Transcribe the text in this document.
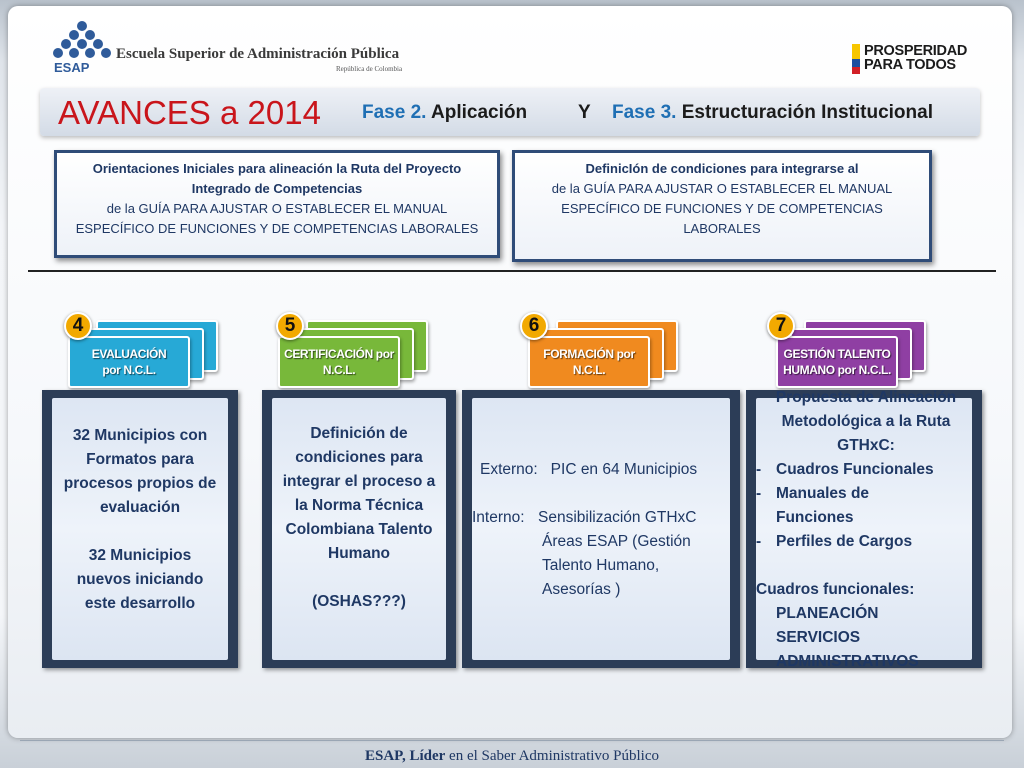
ESAP
Escuela Superior de Administración Pública
República de Colombia
PROSPERIDAD
PARA TODOS
AVANCES a 2014 Fase 2. Aplicación	Y Fase 3. Estructuración Institucional
Orientaciones Iniciales para alineación la Ruta del Proyecto
Integrado de Competencias
de la GUÍA PARA AJUSTAR O ESTABLECER EL MANUAL
ESPECÍFICO DE FUNCIONES Y DE COMPETENCIAS LABORALES
DefinicIón de condiciones para integrarse al
de la GUÍA PARA AJUSTAR O ESTABLECER EL MANUAL
ESPECÍFICO DE FUNCIONES Y DE COMPETENCIAS
LABORALES
EVALUACIÓN
por N.C.L.
4
CERTIFICACIÓN por
N.C.L.
5
FORMACIÓN por
N.C.L.
6
GESTIÓN TALENTO
HUMANO por N.C.L.
7
32 Municipios con
Formatos para
procesos propios de
evaluación
32 Municipios
nuevos iniciando
este desarrollo
Definición de
condiciones para
integrar el proceso a
la Norma Técnica
Colombiana Talento
Humano
(OSHAS???)
Externo: PIC en 64 Municipios
Interno: Sensibilización GTHxC
Áreas ESAP (Gestión
Talento Humano,
Asesorías )
Propuesta de Alineación
Metodológica a la Ruta
GTHxC:
- Cuadros Funcionales
- Manuales de
Funciones
- Perfiles de Cargos
Cuadros funcionales:
PLANEACIÓN
SERVICIOS
ADMINISTRATIVOS
ESAP, Líder en el Saber Administrativo Público
